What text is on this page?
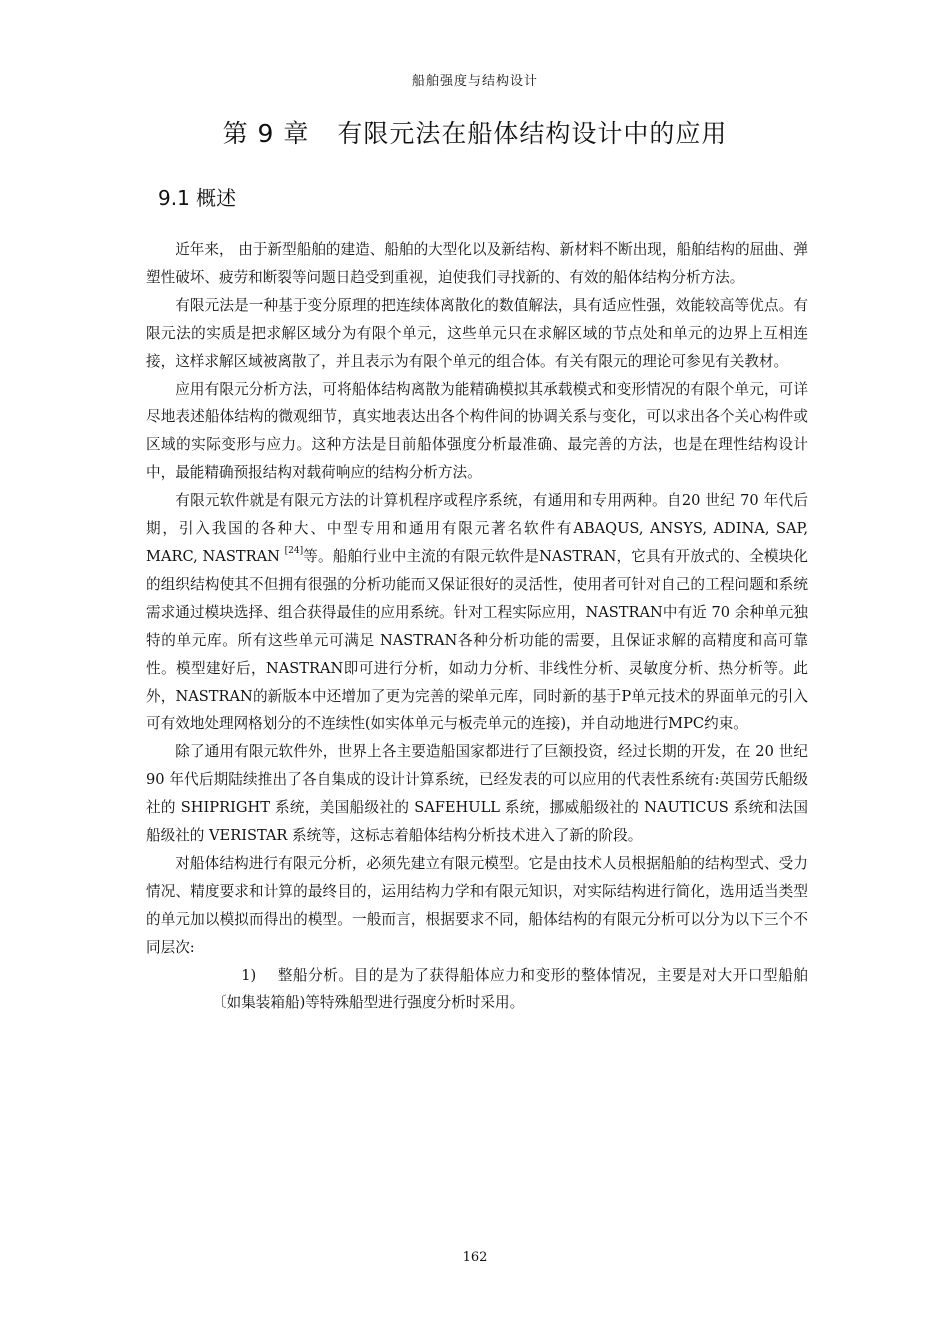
船舶强度与结构设计
第 9 章 有限元法在船体结构设计中的应用
9.1 概述

近年来， 由于新型船舶的建造、船舶的大型化以及新结构、新材料不断出现，船舶结构的屈曲、弹塑性破坏、疲劳和断裂等问题日趋受到重视，迫使我们寻找新的、有效的船体结构分析方法。

有限元法是一种基于变分原理的把连续体离散化的数值解法，具有适应性强，效能较高等优点。有限元法的实质是把求解区域分为有限个单元，这些单元只在求解区域的节点处和单元的边界上互相连接，这样求解区域被离散了，并且表示为有限个单元的组合体。有关有限元的理论可参见有关教材。

应用有限元分析方法，可将船体结构离散为能精确模拟其承载模式和变形情况的有限个单元，可详尽地表述船体结构的微观细节，真实地表达出各个构件间的协调关系与变化，可以求出各个关心构件或区域的实际变形与应力。这种方法是目前船体强度分析最准确、最完善的方法，也是在理性结构设计中，最能精确预报结构对载荷响应的结构分析方法。

有限元软件就是有限元方法的计算机程序或程序系统，有通用和专用两种。自20 世纪 70 年代后期，引入我国的各种大、中型专用和通用有限元著名软件有ABAQUS, ANSYS, ADINA, SAP, MARC, NASTRAN [24]等。船舶行业中主流的有限元软件是NASTRAN，它具有开放式的、全模块化的组织结构使其不但拥有很强的分析功能而又保证很好的灵活性，使用者可针对自己的工程问题和系统需求通过模块选择、组合获得最佳的应用系统。针对工程实际应用，NASTRAN中有近 70 余种单元独特的单元库。所有这些单元可满足 NASTRAN各种分析功能的需要，且保证求解的高精度和高可靠性。模型建好后，NASTRAN即可进行分析，如动力分析、非线性分析、灵敏度分析、热分析等。此外，NASTRAN的新版本中还增加了更为完善的梁单元库，同时新的基于P单元技术的界面单元的引入可有效地处理网格划分的不连续性(如实体单元与板壳单元的连接)，并自动地进行MPC约束。

除了通用有限元软件外，世界上各主要造船国家都进行了巨额投资，经过长期的开发，在 20 世纪 90 年代后期陆续推出了各自集成的设计计算系统，已经发表的可以应用的代表性系统有:英国劳氏船级社的 SHIPRIGHT 系统，美国船级社的 SAFEHULL 系统，挪威船级社的 NAUTICUS 系统和法国船级社的 VERISTAR 系统等，这标志着船体结构分析技术进入了新的阶段。

对船体结构进行有限元分析，必须先建立有限元模型。它是由技术人员根据船舶的结构型式、受力情况、精度要求和计算的最终目的，运用结构力学和有限元知识，对实际结构进行简化，选用适当类型的单元加以模拟而得出的模型。一般而言，根据要求不同，船体结构的有限元分析可以分为以下三个不同层次:

1) 整船分析。目的是为了获得船体应力和变形的整体情况，主要是对大开口型船舶〔如集装箱船)等特殊船型进行强度分析时采用。

162
